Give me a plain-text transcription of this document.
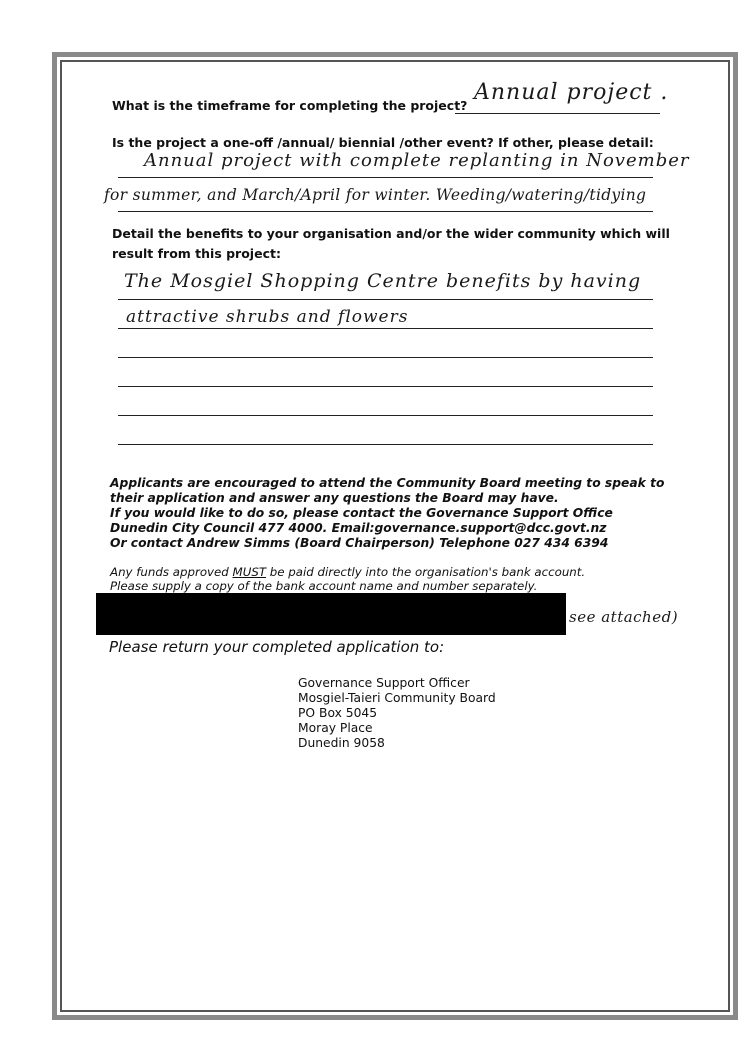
What is the timeframe for completing the project?
Annual project .
Is the project a one-off /annual/ biennial /other event? If other, please detail:
Annual project with complete replanting in November
for summer, and March/April for winter. Weeding/watering/tidying
Detail the benefits to your organisation and/or the wider community which will
result from this project:
The Mosgiel Shopping Centre benefits by having
attractive shrubs and flowers
Applicants are encouraged to attend the Community Board meeting to speak to
their application and answer any questions the Board may have.
If you would like to do so, please contact the Governance Support Office
Dunedin City Council 477 4000. Email:governance.support@dcc.govt.nz
Or contact Andrew Simms (Board Chairperson) Telephone 027 434 6394
Any funds approved MUST be paid directly into the organisation's bank account.
Please supply a copy of the bank account name and number separately.
see attached)
Please return your completed application to:
Governance Support Officer
Mosgiel-Taieri Community Board
PO Box 5045
Moray Place
Dunedin 9058
